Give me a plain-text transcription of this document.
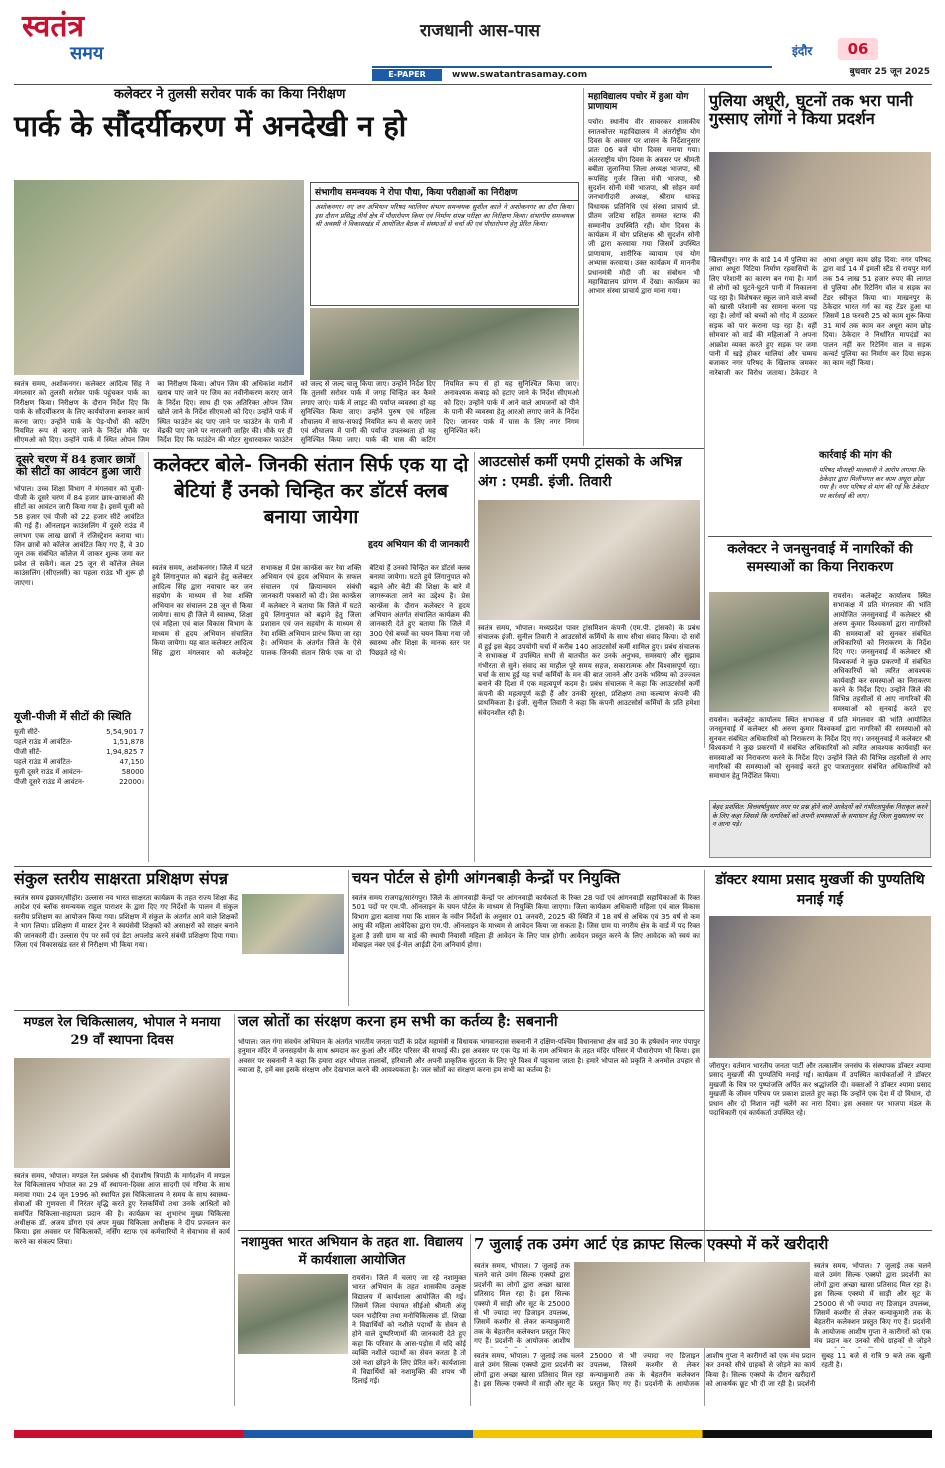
स्वतंत्र
समय
राजधानी आस-पास
इंदौर	06
बुधवार 25 जून 2025
E-PAPER	www.swatantrasamay.com
कलेक्टर ने तुलसी सरोवर पार्क का किया निरीक्षण
पार्क के सौंदर्यीकरण में अनदेखी न हो
संभागीय समन्वयक ने रोपा पौधा, किया परीक्षाओं का निरीक्षण
अशोकनगर। नए जन अभियान परिषद ग्वालियर संभाग समन्वयक सुशील काले ने अशोकनगर का दौरा किया। इस दौरान प्रसिद्ध तीर्थ क्षेत्र में पौधारोपण किया एवं निर्माण संपन्न परीक्षा का निरीक्षण किया। संभागीय समन्वयक श्री अवस्थी ने विकासखंड में आयोजित बैठक में संस्थाओं से चर्चा की एवं पौधारोपण हेतु प्रेरित किया।
स्वतंत्र समय, अशोकनगर। कलेक्टर आदित्य सिंह ने मंगलवार को तुलसी सरोवर पार्क पहुंचकर पार्क का निरीक्षण किया। निरीक्षण के दौरान निर्देश दिए कि पार्क के सौंदर्यीकरण के लिए कार्ययोजना बनाकर कार्य करना जाए। उन्होंने पार्क के पेड़-पौधों की कटिंग नियमित रूप से कराए जाने के निर्देश मौके पर सीएमओ को दिए। उन्होंने पार्क में स्थित ओपन जिम का निरीक्षण किया। ओपन जिम की अधिकांश मशीनें खराब पाए जाने पर जिम का नवीनीकरण कराए जाने के निर्देश दिए। साथ ही एक अतिरिक्त ओपन जिम खोले जाने के निर्देश सीएमओ को दिए। उन्होंने पार्क में स्थित फाउंटेन बंद पाए जाने पर फाउंटेन के पानी में मेंढकी पाए जाने पर नाराजगी जाहिर की। मौके पर ही निर्देश दिए कि फाउंटेन की मोटर सुधारवाकर फाउंटेन को जल्द से जल्द चालू किया जाए। उन्होंने निर्देश दिए कि तुलसी सरोवर पार्क में जगह चिन्हित कर कैमरे लगाए जाएं। पार्क में लाइट की पर्याप्त व्यवस्था हो यह सुनिश्चित किया जाए। उन्होंने पुरुष एवं महिला शौचालय में साफ-सफाई नियमित रूप से कराए जाने एवं शौचालय में पानी की पर्याप्त उपलब्धता हो यह सुनिश्चित किया जाए। पार्क की घास की कटिंग नियमित रूप से हो यह सुनिश्चित किया जाए। अनावश्यक कबाड़ को हटाए जाने के निर्देश सीएमओ को दिए। उन्होंने पार्क में आने वाले आमजनों को पीने के पानी की व्यवस्था हेतु आरओ लगाए जाने के निर्देश दिए। जानवर पार्क में घास के लिए नगर निगम सुनिश्चित करें।
महाविद्यालय पचोर में हुआ योग प्राणायाम
पचोर। स्थानीय वीर सावरकर शासकीय स्नातकोत्तर महाविद्यालय में अंतर्राष्ट्रीय योग दिवस के अवसर पर शासन के निर्देशानुसार प्रातः 06 बजे योग दिवस मनाया गया। अंतरराष्ट्रीय योग दिवस के अवसर पर श्रीमती बबीता जुलानिया जिला अध्यक्ष भाजपा, श्री रूपसिंह गुर्जर जिला मंत्री भाजपा, श्री सुदर्शन सोनी मंत्री भाजपा, श्री सोहन वर्मा जनभागीदारी अध्यक्ष, श्रीराम धाकड़ विधायक प्रतिनिधि एवं संस्था प्राचार्य प्रो. प्रीतम जटिया सहित समस्त स्टाफ की सम्मानीय उपस्थिति रही। योग दिवस के कार्यक्रम में योग प्रशिक्षक श्री सुदर्शन सोनी जी द्वारा करवाया गया जिसमें उपस्थित प्राणायाम, शारीरिक व्यायाम एवं योग अभ्यास करवाया। उक्त कार्यक्रम में माननीय प्रधानमंत्री मोदी जी का संबोधन भी महाविद्यालय प्रांगण में देखा। कार्यक्रम का आभार संस्था प्राचार्य द्वारा माना गया।
पुलिया अधूरी, घुटनों तक भरा पानी गुस्साए लोगों ने किया प्रदर्शन
खिलचीपुर। नगर के वार्ड 14 में पुलिया का आधा अधूरा पिटिया निर्माण रहवासियों के लिए परेशानी का कारण बन गया है। मार्ग से लोगों को घुटने-घुटने पानी में निकालना पड़ रहा है। विशेषकर स्कूल जाने वाले बच्चों को खासी परेशानी का सामना करना पड़ रहा है। लोगों को बच्चों को गोद में उठाकर सड़क को पार कराना पड़ रहा है। वहीं सोमवार को वार्ड की महिलाओं ने अपना आक्रोश व्यक्त करते हुए सड़क पर जमा पानी में खड़े होकर थालियां और चम्मच बजाकर नगर परिषद के खिलाफ जमकर नारेबाजी कर विरोध जताया। ठेकेदार ने आधा अधूरा काम छोड़ दिया: नगर परिषद द्वारा वार्ड 14 में इमली स्टैंड से रायपुर मार्ग तक 54 लाख 51 हजार रुपए की लागत से पुलिया और रिटेनिंग वॉल व सड़क का टेंडर स्वीकृत किया था। माखनपुर के ठेकेदार भारत गर्ग का यह टेंडर हुआ था जिसमें 18 फरवरी 25 को काम शुरू किया 31 मार्च तक काम कर अधूरा काम छोड़ दिया। ठेकेदार ने निर्धारित मापदंडों का पालन नहीं कर रिटेनिंग वाल व सड़क कन्वर्ट पुलिया का निर्माण कर दिया सड़क का काम नहीं किया।
कार्रवाई की मांग की
परिषद मीनाक्षी मालवानी ने आरोप लगाया कि ठेकेदार द्वारा मिलीभगत कर काम अधूरा छोड़ा गया है। नगर परिषद से मांग की गई कि ठेकेदार पर कार्रवाई की जाए।
दूसरे चरण में 84 हजार छात्रों को सीटों का आवंटन हुआ जारी
भोपाल। उच्च शिक्षा विभाग ने मंगलवार को यूजी-पीजी के दूसरे चरण में 84 हजार छात्र-छात्राओं की सीटों का आवंटन जारी किया गया है। इसमें यूजी को 58 हजार एवं पीजी को 22 हजार सीटें आवंटित की गई हैं। ऑनलाइन काउंसलिंग में दूसरे राउंड में लगभग एक लाख छात्रों ने रजिस्ट्रेशन कराया था। जिन छात्रों को कॉलेज आवंटित किए गए हैं, वे 30 जून तक संबंधित कॉलेज में जाकर शुल्क जमा कर प्रवेश ले सकेंगे। कल 25 जून से कॉलेज लेवल काउंसलिंग (सीएलसी) का पहला राउंड भी शुरू हो जाएगा।
यूजी-पीजी में सीटों की स्थिति
यूजी सीटें-	5,54,901 7
पहले राउंड में आवंटित-	1,51,878
पीजी सीटें-	1,94,825 7
पहले राउंड में आवंटित-	47,150
यूजी दूसरे राउंड में आवंटन-	58000
पीजी दूसरे राउंड में आवंटन-	22000।
कलेक्टर बोले- जिनकी संतान सिर्फ एक या दो बेटियां हैं उनको चिन्हित कर डॉटर्स क्लब बनाया जायेगा
स्वतंत्र समय, अशोकनगर। जिले में घटते हुये लिंगानुपात को बढ़ाने हेतु कलेक्टर आदित्य सिंह द्वारा नवाचार कर जन सहयोग के माध्यम से रेवा शक्ति अभियान का संचालन 28 जून से किया जायेगा। साथ ही जिले में स्वास्थ्य, शिक्षा एवं महिला एवं बाल विकास विभाग के माध्यम से हृदय अभियान संचालित किया जायेगा। यह बात कलेक्टर आदित्य सिंह द्वारा मंगलवार को कलेक्ट्रेट सभाकक्ष में प्रेस कान्फ्रेंस कर रेवा शक्ति अभियान एवं हृदय अभियान के सफल संचालन एवं क्रियान्वयन संबंधी जानकारी पत्रकारों को दी। प्रेस कान्फ्रेंस में कलेक्टर ने बताया कि जिले में घटते हुये लिंगानुपात को बढ़ाने हेतु जिला प्रशासन एवं जन सहयोग के माध्यम से रेवा शक्ति अभियान प्रारंभ किया जा रहा है। अभियान के अंतर्गत जिले के ऐसे पालक जिनकी संतान सिर्फ एक या दो बेटियां हैं उनको चिन्हित कर डॉटर्स क्लब बनाया जायेगा। घटते हुये लिंगानुपात को बढ़ाने और बेटी की शिक्षा के बारे में जागरूकता लाने का उद्देश्य है। प्रेस कान्फ्रेंस के दौरान कलेक्टर ने हृदय अभियान अंतर्गत संचालित कार्यक्रम की जानकारी देते हुए बताया कि जिले में 300 ऐसे बच्चों का चयन किया गया जो स्वास्थ्य और शिक्षा के मानक स्तर पर पिछड़ते रहे थे।
हृदय अभियान की दी जानकारी
आउटसोर्स कर्मी एमपी ट्रांसको के अभिन्न अंग : एमडी. इंजी. तिवारी
स्वतंत्र समय, भोपाल। मध्यप्रदेश पावर ट्रांसमिशन कंपनी (एम.पी. ट्रांसको) के प्रबंध संचालक इंजी. सुनील तिवारी ने आउटसोर्स कर्मियों के साथ सीधा संवाद किया। दो सत्रों में हुई इस बेहद उपयोगी चर्चा में करीब 140 आउटसोर्स कर्मी शामिल हुए। प्रबंध संचालक ने सभाकक्ष में उपस्थित सभी से बातचीत कर उनके अनुभव, समस्याएं और सुझाव गंभीरता से सुने। संवाद का माहौल पूरे समय सहज, सकारात्मक और विश्वासपूर्ण रहा। चर्चा के साथ हुई यह चर्चा कर्मियों के मन की बात जानने और उनके भविष्य को उज्ज्वल बनाने की दिशा में एक महत्वपूर्ण कदम है। प्रबंध संचालक ने कहा कि आउटसोर्स कर्मी कंपनी की महत्वपूर्ण कड़ी हैं और उनकी सुरक्षा, प्रशिक्षण तथा कल्याण कंपनी की प्राथमिकता है। इंजी. सुनील तिवारी ने कहा कि कंपनी आउटसोर्स कर्मियों के प्रति हमेशा संवेदनशील रही है।
कलेक्टर ने जनसुनवाई में नागरिकों की समस्याओं का किया निराकरण
रायसेन। कलेक्ट्रेट कार्यालय स्थित सभाकक्ष में प्रति मंगलवार की भांति आयोजित जनसुनवाई में कलेक्टर श्री अरुण कुमार विश्वकर्मा द्वारा नागरिकों की समस्याओं को सुनकर संबंधित अधिकारियों को निराकरण के निर्देश दिए गए। जनसुनवाई में कलेक्टर श्री विश्वकर्मा ने कुछ प्रकरणों में संबंधित अधिकारियों को त्वरित आवश्यक कार्यवाही कर समस्याओं का निराकरण करने के निर्देश दिए। उन्होंने जिले की विभिन्न तहसीलों से आए नागरिकों की समस्याओं को सुनवाई करते हुए
रायसेन। कलेक्ट्रेट कार्यालय स्थित सभाकक्ष में प्रति मंगलवार की भांति आयोजित जनसुनवाई में कलेक्टर श्री अरुण कुमार विश्वकर्मा द्वारा नागरिकों की समस्याओं को सुनकर संबंधित अधिकारियों को निराकरण के निर्देश दिए गए। जनसुनवाई में कलेक्टर श्री विश्वकर्मा ने कुछ प्रकरणों में संबंधित अधिकारियों को त्वरित आवश्यक कार्यवाही कर समस्याओं का निराकरण करने के निर्देश दिए। उन्होंने जिले की विभिन्न तहसीलों से आए नागरिकों की समस्याओं को सुनवाई करते हुए पात्रतानुसार संबंधित अधिकारियों को समाधान हेतु निर्देशित किया।
बेहद प्रशंसित: वित्तवर्षानुसार नगर पर प्रश्न होने वाले आवेदनों को गंभीरतापूर्वक निराकृत करने के लिए कहा जिससे कि नागरिकों को अपनी समस्याओं के समाधान हेतु जिला मुख्यालय पर न आना पड़े।
संकुल स्तरीय साक्षरता प्रशिक्षण संपन्न
स्वतंत्र समय इछावर/सीहोर। उल्लास नव भारत साक्षरता कार्यक्रम के तहत राज्य शिक्षा केंद्र आदेश एवं ब्लॉक समन्वयक राहुल पाराशर के द्वारा दिए गए निर्देशों के पालन में संकुल स्तरीय प्रशिक्षण का आयोजन किया गया। प्रशिक्षण में संकुल के अंतर्गत आने वाले शिक्षकों ने भाग लिया। प्रशिक्षण में मास्टर ट्रेनर ने स्वयंसेवी शिक्षकों को असाक्षरों को साक्षर बनाने की जानकारी दी। उल्लास ऐप पर सर्वे एवं डेटा अपलोड करने संबंधी प्रशिक्षण दिया गया। जिला एवं विकासखंड स्तर से निरीक्षण भी किया गया।
चयन पोर्टल से होगी आंगनबाड़ी केन्द्रों पर नियुक्ति
स्वतंत्र समय राजगढ़/सारंगपुर। जिले के आंगनवाड़ी केन्द्रों पर आंगनवाड़ी कार्यकर्ता के रिक्त 28 पदों एवं आंगनवाड़ी सहायिकाओं के रिक्त 501 पदों पर एम.पी. ऑनलाइन के चयन पोर्टल के माध्यम से नियुक्ति किया जाएगा। जिला कार्यक्रम अधिकारी महिला एवं बाल विकास विभाग द्वारा बताया गया कि शासन के नवीन निर्देशों के अनुसार 01 जनवरी, 2025 की स्थिति में 18 वर्ष से अधिक एवं 35 वर्ष से कम आयु की महिला आवेदिका द्वारा एम.पी. ऑनलाइन के माध्यम से आवेदन किया जा सकता है। जिस ग्राम या नगरीय क्षेत्र के वार्ड में पद रिक्त हुआ है उसी ग्राम या वार्ड की स्थायी निवासी महिला ही आवेदन के लिए पात्र होगी। आवेदन प्रस्तुत करने के लिए आवेदक को स्वयं का मोबाइल नंबर एवं ई-मेल आईडी देना अनिवार्य होगा।
डॉक्टर श्यामा प्रसाद मुखर्जी की पुण्यतिथि मनाई गई
जीरापुर। वर्तमान भारतीय जनता पार्टी और तत्कालीन जनसंघ के संस्थापक डॉक्टर श्यामा प्रसाद मुखर्जी की पुण्यतिथि मनाई गई। कार्यक्रम में उपस्थित कार्यकर्ताओं ने डॉक्टर मुखर्जी के चित्र पर पुष्पांजलि अर्पित कर श्रद्धांजलि दी। वक्ताओं ने डॉक्टर श्यामा प्रसाद मुखर्जी के जीवन परिचय पर प्रकाश डालते हुए कहा कि उन्होंने एक देश में दो विधान, दो प्रधान और दो निशान नहीं चलेंगे का नारा दिया। इस अवसर पर भाजपा मंडल के पदाधिकारी एवं कार्यकर्ता उपस्थित रहे।
मण्डल रेल चिकित्सालय, भोपाल ने मनाया 29 वाँ स्थापना दिवस
स्वतंत्र समय, भोपाल। मण्डल रेल प्रबंधक श्री देवाशीष त्रिपाठी के मार्गदर्शन में मण्डल रेल चिकित्सालय भोपाल का 29 वाँ स्थापना-दिवस आज सादगी एवं गरिमा के साथ मनाया गया। 24 जून 1996 को स्थापित इस चिकित्सालय ने समय के साथ स्वास्थ्य-सेवाओं की गुणवत्ता में निरंतर वृद्धि करते हुए रेलकर्मियों तथा उनके आश्रितों को समर्पित चिकित्सा-सहायता प्रदान की है। कार्यक्रम का शुभारंभ मुख्य चिकित्सा अधीक्षक डॉ. अजय डोंगरा एवं अपर मुख्य चिकित्सा अधीक्षक ने दीप प्रज्वलन कर किया। इस अवसर पर चिकित्सकों, नर्सिंग स्टाफ एवं कर्मचारियों ने सेवाभाव से कार्य करने का संकल्प लिया।
जल स्रोतों का संरक्षण करना हम सभी का कर्तव्य है: सबनानी
भोपाल। जल गंगा संवर्धन अभियान के अंतर्गत भारतीय जनता पार्टी के प्रदेश महामंत्री व विधायक भगवानदास सबनानी ने दक्षिण-पश्चिम विधानसभा क्षेत्र वार्ड 30 के हर्षवर्धन नगर पंपापुर हनुमान मंदिर में जनसहयोग के साथ श्रमदान कर कुआं और मंदिर परिसर की सफाई की। इस अवसर पर एक पेड़ मां के नाम अभियान के तहत मंदिर परिसर में पौधारोपण भी किया। इस अवसर पर सबनानी ने कहा कि हमारा शहर भोपाल तालाबों, हरियाली और अपनी प्राकृतिक सुंदरता के लिए पूरे विश्व में पहचाना जाता है। हमारे भोपाल को प्रकृति ने अनमोल उपहार से नवाजा है, हमें बस इसके संरक्षण और देखभाल करने की आवश्यकता है। जल स्रोतों का संरक्षण करना हम सभी का कर्तव्य है।
नशामुक्त भारत अभियान के तहत शा. विद्यालय में कार्यशाला आयोजित
रायसेन। जिले में चलाए जा रहे नशामुक्त भारत अभियान के तहत शासकीय उत्कृष्ट विद्यालय में कार्यशाला आयोजित की गई। जिसमें जिला पंचायत सीईओ श्रीमती अंजू पवन भदौरिया तथा मनोचिकित्सक डॉ. शिखा ने विद्यार्थियों को नशीले पदार्थों के सेवन से होने वाले दुष्परिणामों की जानकारी देते हुए कहा कि परिवार के आस-पड़ोस में यदि कोई व्यक्ति नशीले पदार्थों का सेवन करता है तो उसे नशा छोड़ने के लिए प्रेरित करें। कार्यशाला में विद्यार्थियों को नशामुक्ति की शपथ भी दिलाई गई।
7 जुलाई तक उमंग आर्ट एंड क्राफ्ट सिल्क एक्स्पो में करें खरीदारी
स्वतंत्र समय, भोपाल। 7 जुलाई तक चलने वाले उमंग सिल्क एक्स्पो द्वारा प्रदर्शनी का लोगों द्वारा अच्छा खासा प्रतिसाद मिल रहा है। इस सिल्क एक्स्पो में साड़ी और सूट के 25000 से भी ज्यादा नए डिजाइन उपलब्ध, जिसमें कश्मीर से लेकर कन्याकुमारी तक के बेहतरीन कलेक्शन प्रस्तुत किए गए हैं। प्रदर्शनी के आयोजक आशीष गुप्ता ने कारीगरों को एक मंच प्रदान कर उनको सीधे ग्राहकों से जोड़ने का कार्य किया है। सिल्क एक्स्पो के दौरान खरीदारों को आकर्षक छूट भी दी जा रही है। प्रदर्शनी सुबह 11 बजे से रात्रि 9 बजे तक खुली रहती है।
स्वतंत्र समय, भोपाल। 7 जुलाई तक चलने वाले उमंग सिल्क एक्स्पो द्वारा प्रदर्शनी का लोगों द्वारा अच्छा खासा प्रतिसाद मिल रहा है। इस सिल्क एक्स्पो में साड़ी और सूट के 25000 से भी ज्यादा नए डिजाइन उपलब्ध, जिसमें कश्मीर से लेकर कन्याकुमारी तक के बेहतरीन कलेक्शन प्रस्तुत किए गए हैं। प्रदर्शनी के आयोजक आशीष गुप्ता ने कारीगरों को एक मंच प्रदान कर उनको सीधे ग्राहकों से जोड़ने
स्वतंत्र समय, भोपाल। 7 जुलाई तक चलने वाले उमंग सिल्क एक्स्पो द्वारा प्रदर्शनी का लोगों द्वारा अच्छा खासा प्रतिसाद मिल रहा है। इस सिल्क एक्स्पो में साड़ी और सूट के 25000 से भी ज्यादा नए डिजाइन उपलब्ध, जिसमें कश्मीर से लेकर कन्याकुमारी तक के बेहतरीन कलेक्शन प्रस्तुत किए गए हैं। प्रदर्शनी के आयोजक आशीष
